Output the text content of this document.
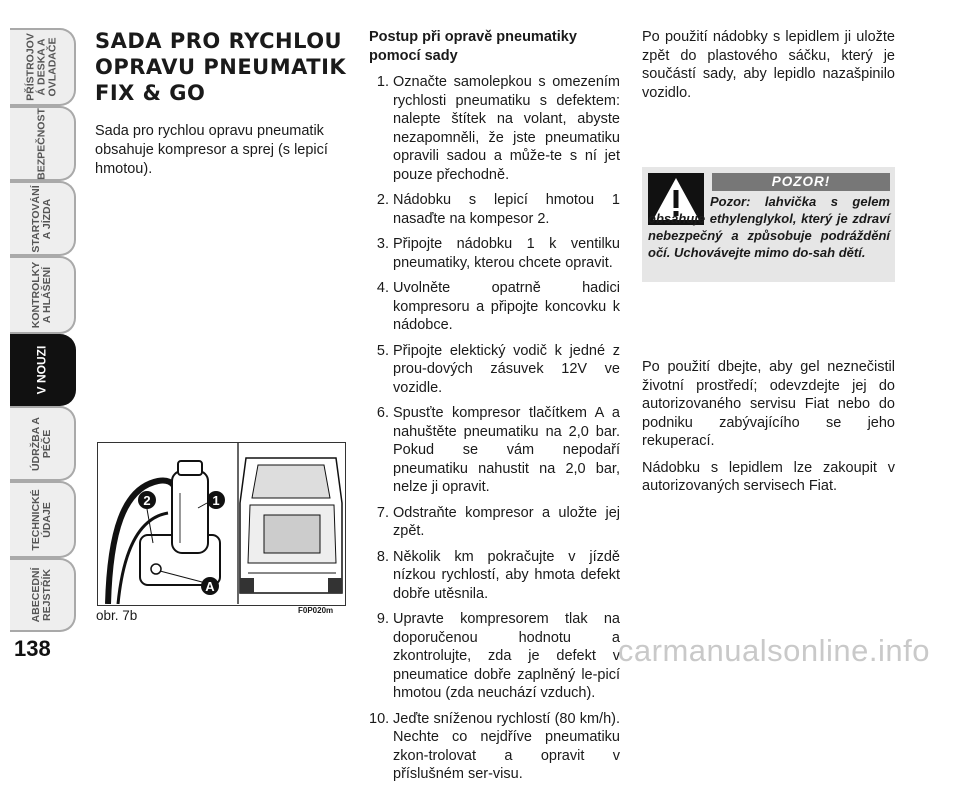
PŘÍSTROJOV
Á DESKA A
OVLADAČE
BEZPEČNOST
STARTOVÁNÍ
A JÍZDA
KONTROLKY
A HLÁŠENÍ
V NOUZI
ÚDRŽBA A
PÉČE
TECHNICKÉ
ÚDAJE
ABECEDNÍ
REJSTŘÍK
138
SADA PRO RYCHLOU
OPRAVU PNEUMATIK
FIX & GO
Sada pro rychlou opravu pneumatik obsahuje kompresor a sprej (s lepicí hmotou).
2	1
A
obr. 7b	F0P020m
Postup při opravě pneumatiky
pomocí sady
1. Označte samolepkou s omezením rychlosti pneumatiku s defektem: nalepte štítek na volant, abyste nezapomněli, že jste pneumatiku opravili sadou a může-te s ní jet pouze přechodně.
2. Nádobku s lepicí hmotou 1 nasaďte na kompesor 2.
3. Připojte nádobku 1 k ventilku pneumatiky, kterou chcete opravit.
4. Uvolněte opatrně hadici kompresoru a připojte koncovku k nádobce.
5. Připojte elektický vodič k jedné z prou-dových zásuvek 12V ve vozidle.
6. Spusťte kompresor tlačítkem A a nahuštěte pneumatiku na 2,0 bar. Pokud se vám nepodaří pneumatiku nahustit na 2,0 bar, nelze ji opravit.
7. Odstraňte kompresor a uložte jej zpět.
8. Několik km pokračujte v jízdě nízkou rychlostí, aby hmota defekt dobře utěsnila.
9. Upravte kompresorem tlak na doporučenou hodnotu a zkontrolujte, zda je defekt v pneumatice dobře zaplněný le-picí hmotou (zda neuchází vzduch).
10. Jeďte sníženou rychlostí (80 km/h). Nechte co nejdříve pneumatiku zkon-trolovat a opravit v příslušném ser-visu.

Po použití nádobky s lepidlem ji uložte zpět do plastového sáčku, který je součástí sady, aby lepidlo nazašpinilo vozidlo.

POZOR!
Pozor: lahvička s gelem obsahuje ethylenglykol, který je zdraví nebezpečný a způsobuje podráždění očí. Uchovávejte mimo do-sah dětí.

Po použití dbejte, aby gel neznečistil životní prostředí; odevzdejte jej do autorizovaného servisu Fiat nebo do podniku zabývajícího se jeho rekuperací.

Nádobku s lepidlem lze zakoupit v autorizovaných servisech Fiat.

carmanualsonline.info
